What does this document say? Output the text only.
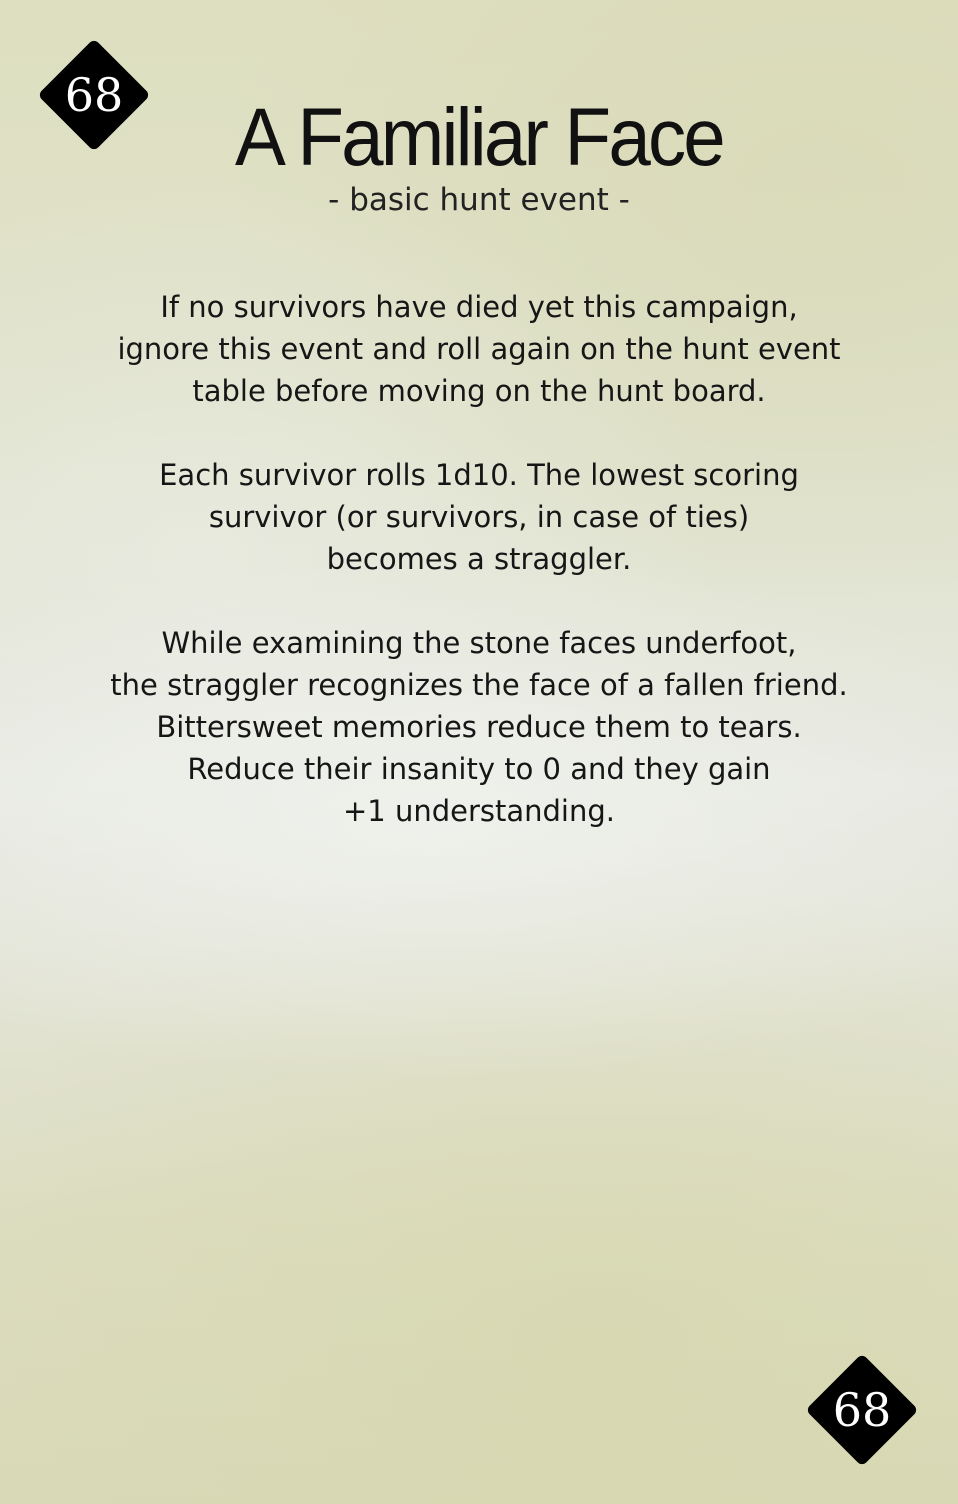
68	A Familiar Face
- basic hunt event -
If no survivors have died yet this campaign,
ignore this event and roll again on the hunt event
table before moving on the hunt board.
Each survivor rolls 1d10. The lowest scoring
survivor (or survivors, in case of ties)
becomes a straggler.
While examining the stone faces underfoot,
the straggler recognizes the face of a fallen friend.
Bittersweet memories reduce them to tears.
Reduce their insanity to 0 and they gain
+1 understanding.
68
